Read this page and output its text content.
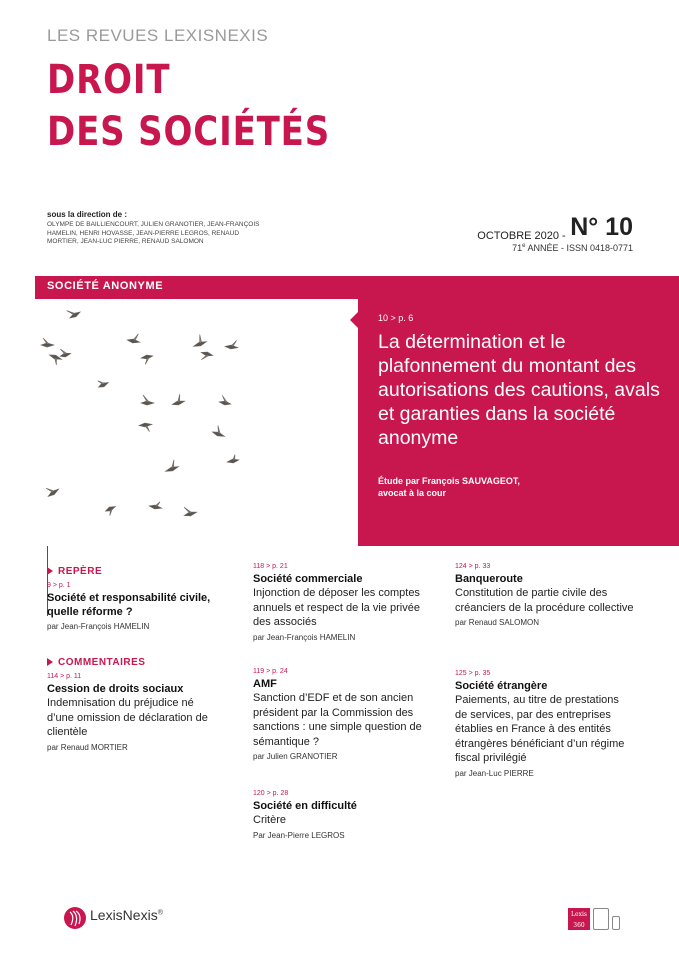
LES REVUES LEXISNEXIS
DROIT
DES SOCIÉTÉS
sous la direction de :
OLYMPE DE BAILLIENCOURT, JULIEN GRANOTIER, JEAN-FRANÇOIS HAMELIN, HENRI HOVASSE, JEAN-PIERRE LEGROS, RENAUD MORTIER, JEAN-LUC PIERRE, RENAUD SALOMON	OCTOBRE 2020 - N° 10
71e ANNÉE - ISSN 0418-0771
SOCIÉTÉ ANONYME
10 > p. 6
La détermination et le plafonnement du montant des autorisations des cautions, avals et garanties dans la société anonyme
Étude par François SAUVAGEOT,
avocat à la cour
REPÈRE
9 > p. 1
Société et responsabilité civile, quelle réforme ?
par Jean-François HAMELIN
COMMENTAIRES
114 > p. 11
Cession de droits sociaux
Indemnisation du préjudice né d’une omission de déclaration de clientèle
par Renaud MORTIER
118 > p. 21
Société commerciale
Injonction de déposer les comptes annuels et respect de la vie privée des associés
par Jean-François HAMELIN
119 > p. 24
AMF
Sanction d’EDF et de son ancien président par la Commission des sanctions : une simple question de sémantique ?
par Julien GRANOTIER
120 > p. 28
Société en difficulté
Critère
Par Jean-Pierre LEGROS
124 > p. 33
Banqueroute
Constitution de partie civile des créanciers de la procédure collective
par Renaud SALOMON
125 > p. 35
Société étrangère
Paiements, au titre de prestations de services, par des entreprises établies en France à des entités étrangères bénéficiant d’un régime fiscal privilégié
par Jean-Luc PIERRE
LexisNexis®	Lexis
360
